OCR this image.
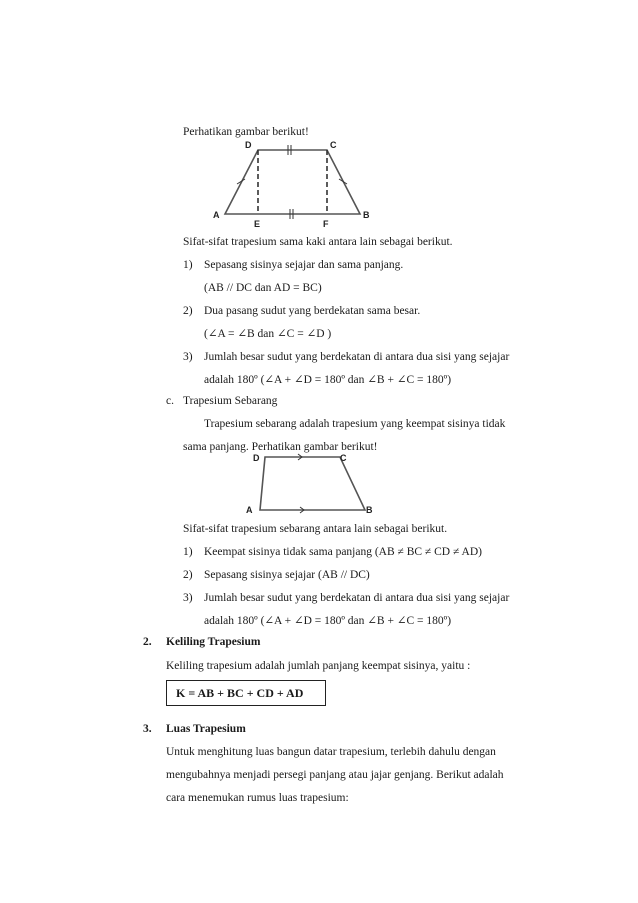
Perhatikan gambar berikut!
D	C
A	B
E	F
Sifat-sifat trapesium sama kaki antara lain sebagai berikut.
1) Sepasang sisinya sejajar dan sama panjang.
(AB // DC dan AD = BC)
2) Dua pasang sudut yang berdekatan sama besar.
(∠A = ∠B dan ∠C = ∠D )
3) Jumlah besar sudut yang berdekatan di antara dua sisi yang sejajar
adalah 180º (∠A + ∠D = 180º dan ∠B + ∠C = 180º)
c. Trapesium Sebarang
Trapesium sebarang adalah trapesium yang keempat sisinya tidak
sama panjang. Perhatikan gambar berikut!
D	C
A	B
Sifat-sifat trapesium sebarang antara lain sebagai berikut.
1) Keempat sisinya tidak sama panjang (AB ≠ BC ≠ CD ≠ AD)
2) Sepasang sisinya sejajar (AB // DC)
3) Jumlah besar sudut yang berdekatan di antara dua sisi yang sejajar
adalah 180º (∠A + ∠D = 180º dan ∠B + ∠C = 180º)
2. Keliling Trapesium
Keliling trapesium adalah jumlah panjang keempat sisinya, yaitu :
K = AB + BC + CD + AD
3. Luas Trapesium
Untuk menghitung luas bangun datar trapesium, terlebih dahulu dengan
mengubahnya menjadi persegi panjang atau jajar genjang. Berikut adalah
cara menemukan rumus luas trapesium:
